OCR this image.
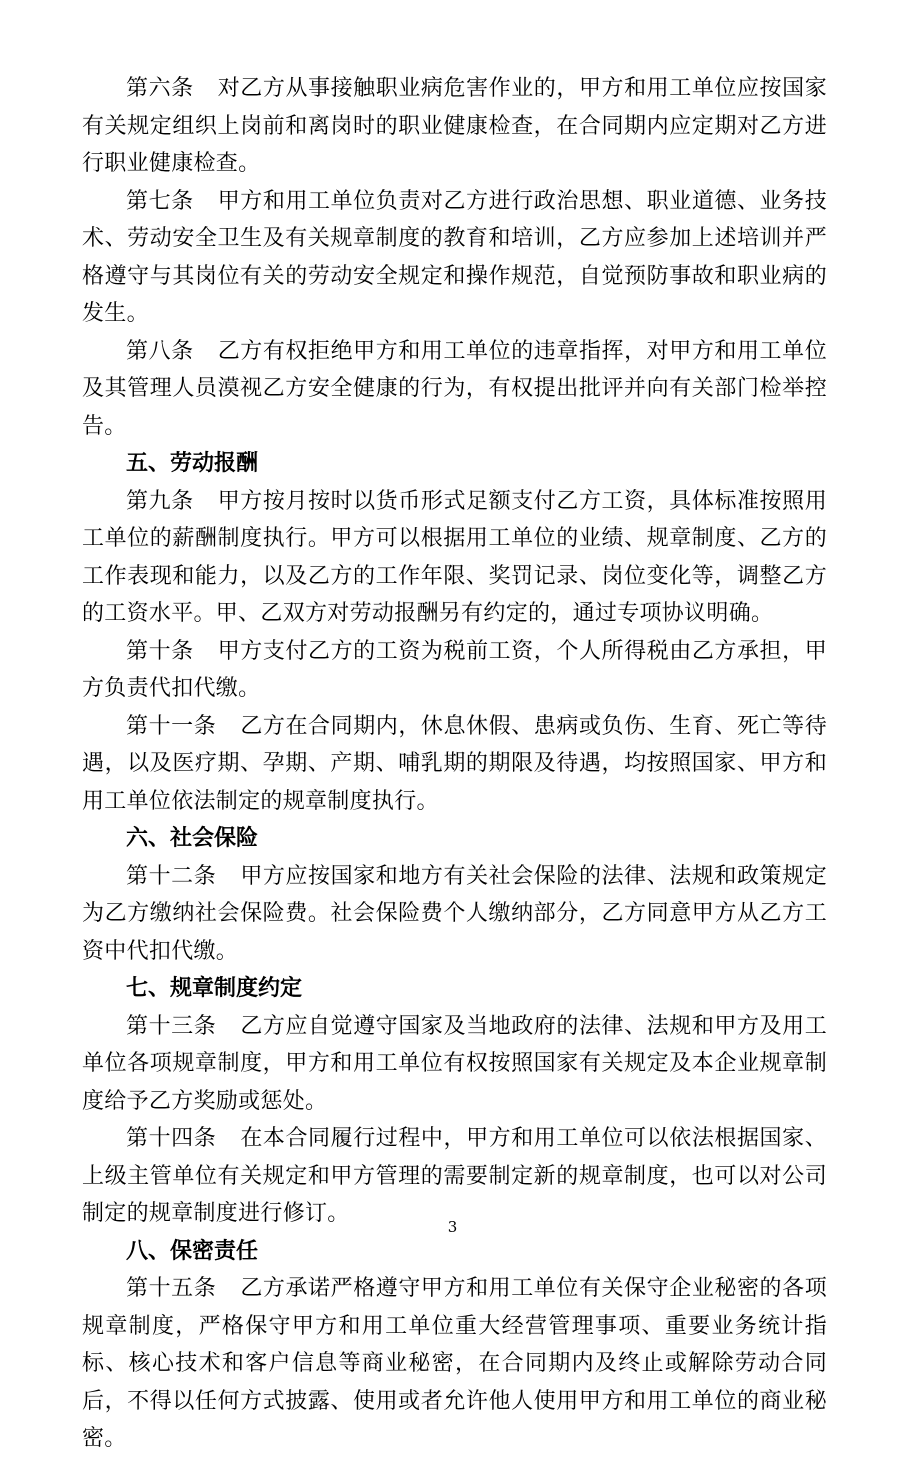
第六条 对乙方从事接触职业病危害作业的，甲方和用工单位应按国家有关规定组织上岗前和离岗时的职业健康检查，在合同期内应定期对乙方进行职业健康检查。

第七条 甲方和用工单位负责对乙方进行政治思想、职业道德、业务技术、劳动安全卫生及有关规章制度的教育和培训，乙方应参加上述培训并严格遵守与其岗位有关的劳动安全规定和操作规范，自觉预防事故和职业病的发生。

第八条 乙方有权拒绝甲方和用工单位的违章指挥，对甲方和用工单位及其管理人员漠视乙方安全健康的行为，有权提出批评并向有关部门检举控告。

五、劳动报酬

第九条 甲方按月按时以货币形式足额支付乙方工资，具体标准按照用工单位的薪酬制度执行。甲方可以根据用工单位的业绩、规章制度、乙方的工作表现和能力，以及乙方的工作年限、奖罚记录、岗位变化等，调整乙方的工资水平。甲、乙双方对劳动报酬另有约定的，通过专项协议明确。

第十条 甲方支付乙方的工资为税前工资，个人所得税由乙方承担，甲方负责代扣代缴。

第十一条 乙方在合同期内，休息休假、患病或负伤、生育、死亡等待遇，以及医疗期、孕期、产期、哺乳期的期限及待遇，均按照国家、甲方和用工单位依法制定的规章制度执行。

六、社会保险

第十二条 甲方应按国家和地方有关社会保险的法律、法规和政策规定为乙方缴纳社会保险费。社会保险费个人缴纳部分，乙方同意甲方从乙方工资中代扣代缴。

七、规章制度约定

第十三条 乙方应自觉遵守国家及当地政府的法律、法规和甲方及用工单位各项规章制度，甲方和用工单位有权按照国家有关规定及本企业规章制度给予乙方奖励或惩处。

第十四条 在本合同履行过程中，甲方和用工单位可以依法根据国家、上级主管单位有关规定和甲方管理的需要制定新的规章制度，也可以对公司制定的规章制度进行修订。

八、保密责任

第十五条 乙方承诺严格遵守甲方和用工单位有关保守企业秘密的各项规章制度，严格保守甲方和用工单位重大经营管理事项、重要业务统计指标、核心技术和客户信息等商业秘密，在合同期内及终止或解除劳动合同后，不得以任何方式披露、使用或者允许他人使用甲方和用工单位的商业秘密。

3
